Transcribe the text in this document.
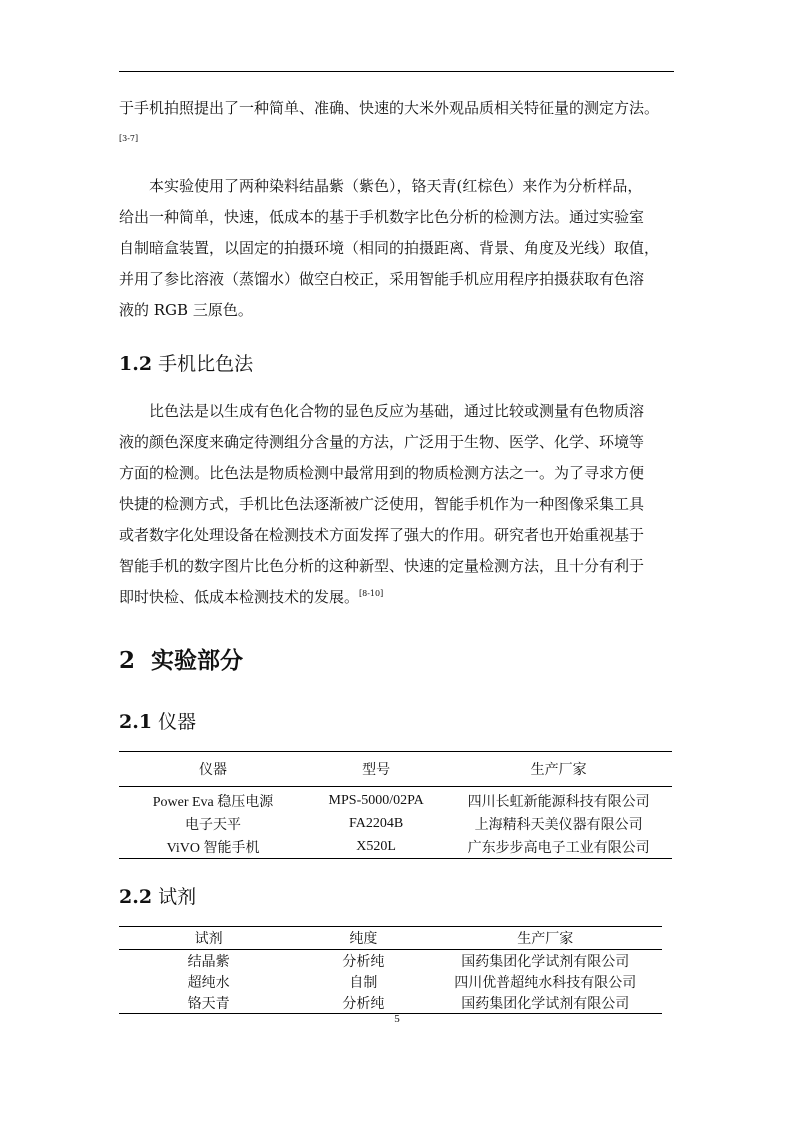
于手机拍照提出了一种简单、准确、快速的大米外观品质相关特征量的测定方法。

[3-7]

本实验使用了两种染料结晶紫（紫色），铬天青(红棕色）来作为分析样品，
给出一种简单，快速，低成本的基于手机数字比色分析的检测方法。通过实验室
自制暗盒装置，以固定的拍摄环境（相同的拍摄距离、背景、角度及光线）取值，
并用了参比溶液（蒸馏水）做空白校正，采用智能手机应用程序拍摄获取有色溶
液的 RGB 三原色。

1.2 手机比色法

比色法是以生成有色化合物的显色反应为基础，通过比较或测量有色物质溶
液的颜色深度来确定待测组分含量的方法，广泛用于生物、医学、化学、环境等
方面的检测。比色法是物质检测中最常用到的物质检测方法之一。为了寻求方便
快捷的检测方式，手机比色法逐渐被广泛使用，智能手机作为一种图像采集工具
或者数字化处理设备在检测技术方面发挥了强大的作用。研究者也开始重视基于
智能手机的数字图片比色分析的这种新型、快速的定量检测方法，且十分有利于
即时快检、低成本检测技术的发展。[8-10]

2 实验部分
2.1 仪器
仪器	型号	生产厂家
Power Eva 稳压电源	MPS-5000/02PA	四川长虹新能源科技有限公司
电子天平	FA2204B	上海精科天美仪器有限公司
ViVO 智能手机	X520L	广东步步高电子工业有限公司
2.2 试剂
试剂	纯度	生产厂家
结晶紫	分析纯	国药集团化学试剂有限公司
超纯水	自制	四川优普超纯水科技有限公司
铬天青	分析纯	国药集团化学试剂有限公司
5
